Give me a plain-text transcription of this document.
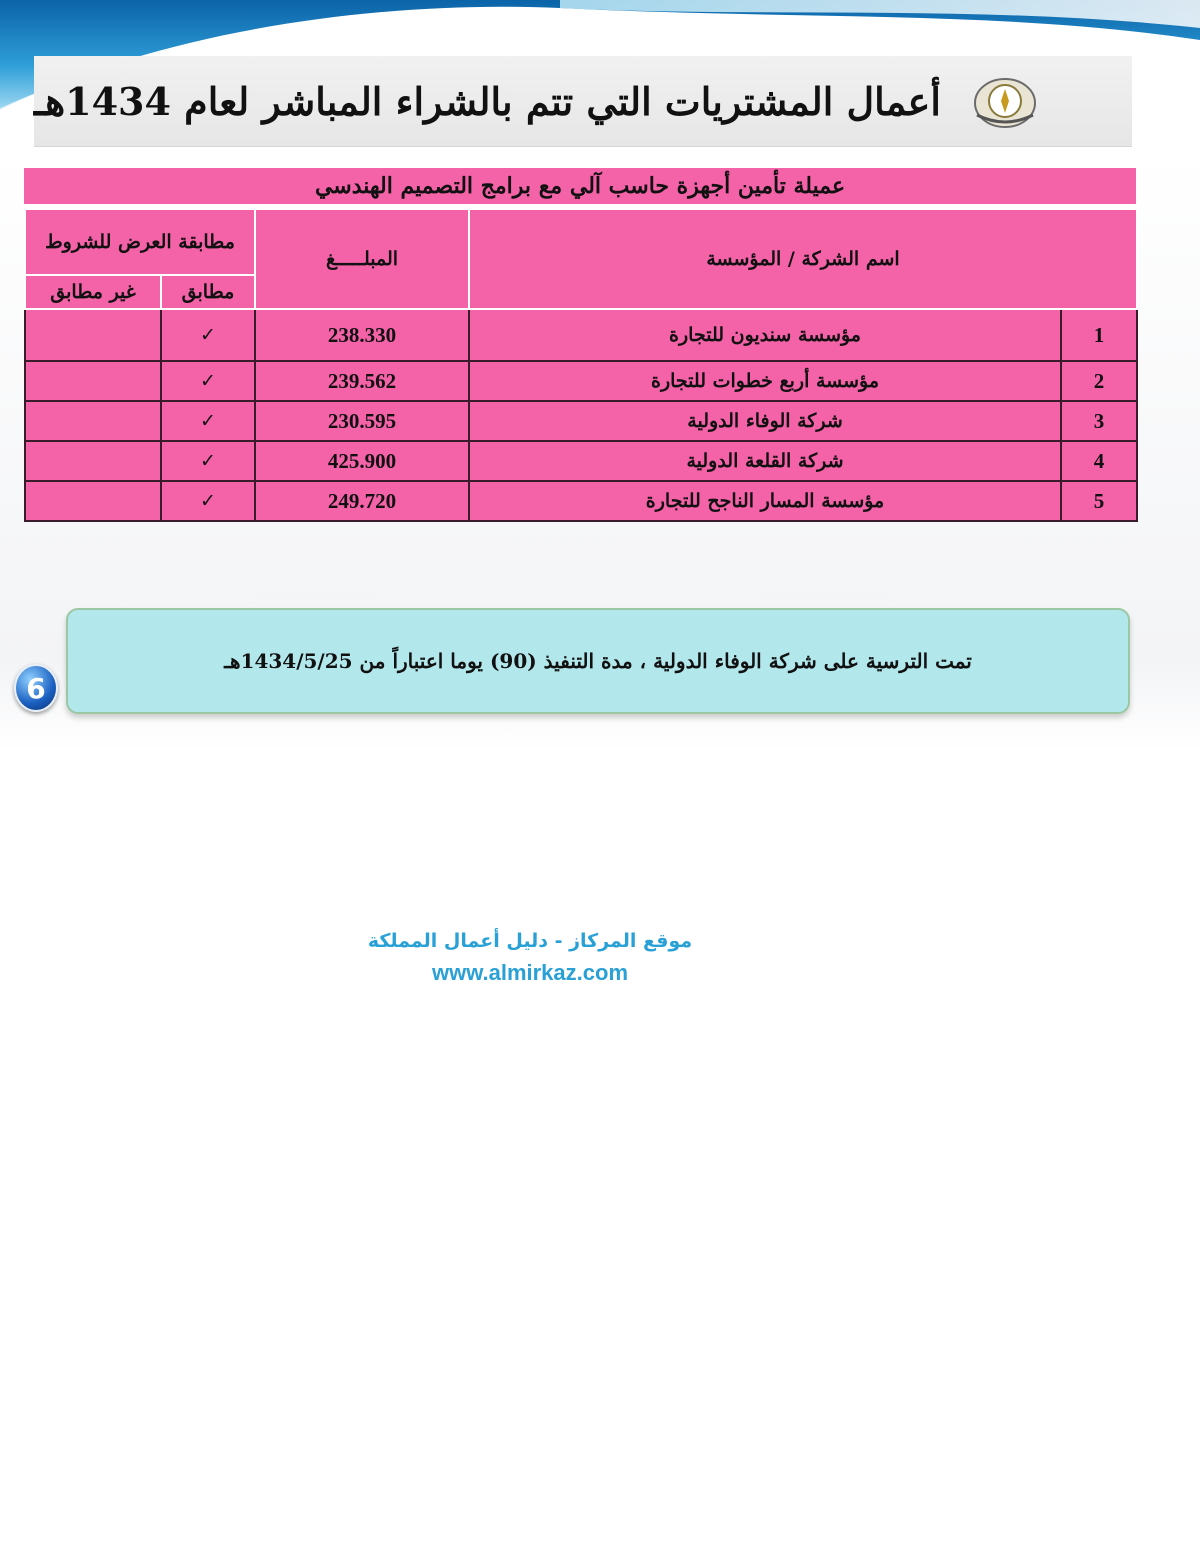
أعمال المشتريات التي تتم بالشراء المباشر لعام 1434هـ
عميلة تأمين أجهزة حاسب آلي مع برامج التصميم الهندسي
اسم الشركة / المؤسسة		المبلـــــغ	مطابقة العرض للشروط	
			مطابق	غير مطابق
1	مؤسسة سنديون للتجارة	238.330	✓	
2	مؤسسة أربع خطوات للتجارة	239.562	✓	
3	شركة الوفاء الدولية	230.595	✓	
4	شركة القلعة الدولية	425.900	✓	
5	مؤسسة المسار الناجح للتجارة	249.720	✓	
تمت الترسية على شركة الوفاء الدولية ، مدة التنفيذ (90) يوما اعتباراً من 1434/5/25هـ
6
موقع المركاز - دليل أعمال المملكة
www.almirkaz.com
